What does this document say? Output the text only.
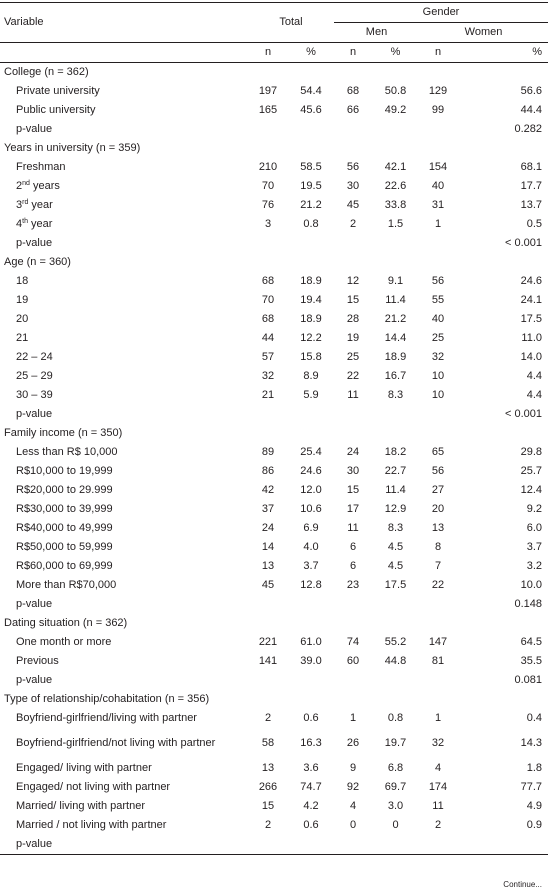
Variable	Total		Gender			
			Men		Women	
	n	%	n	%	n	%
College (n = 362)						
Private university	197	54.4	68	50.8	129	56.6
Public university	165	45.6	66	49.2	99	44.4
p-value						0.282
Years in university (n = 359)						
Freshman	210	58.5	56	42.1	154	68.1
2nd years	70	19.5	30	22.6	40	17.7
3rd year	76	21.2	45	33.8	31	13.7
4th year	3	0.8	2	1.5	1	0.5
p-value						< 0.001
Age (n = 360)						
18	68	18.9	12	9.1	56	24.6
19	70	19.4	15	11.4	55	24.1
20	68	18.9	28	21.2	40	17.5
21	44	12.2	19	14.4	25	11.0
22 – 24	57	15.8	25	18.9	32	14.0
25 – 29	32	8.9	22	16.7	10	4.4
30 – 39	21	5.9	11	8.3	10	4.4
p-value						< 0.001
Family income (n = 350)						
Less than R$ 10,000	89	25.4	24	18.2	65	29.8
R$10,000 to 19,999	86	24.6	30	22.7	56	25.7
R$20,000 to 29.999	42	12.0	15	11.4	27	12.4
R$30,000 to 39,999	37	10.6	17	12.9	20	9.2
R$40,000 to 49,999	24	6.9	11	8.3	13	6.0
R$50,000 to 59,999	14	4.0	6	4.5	8	3.7
R$60,000 to 69,999	13	3.7	6	4.5	7	3.2
More than R$70,000	45	12.8	23	17.5	22	10.0
p-value						0.148
Dating situation (n = 362)						
One month or more	221	61.0	74	55.2	147	64.5
Previous	141	39.0	60	44.8	81	35.5
p-value						0.081
Type of relationship/cohabitation (n = 356)						
Boyfriend-girlfriend/living with partner	2	0.6	1	0.8	1	0.4
Boyfriend-girlfriend/not living with partner	58	16.3	26	19.7	32	14.3
Engaged/ living with partner	13	3.6	9	6.8	4	1.8
Engaged/ not living with partner	266	74.7	92	69.7	174	77.7
Married/ living with partner	15	4.2	4	3.0	11	4.9
Married / not living with partner	2	0.6	0	0	2	0.9
p-value						
Continue...
